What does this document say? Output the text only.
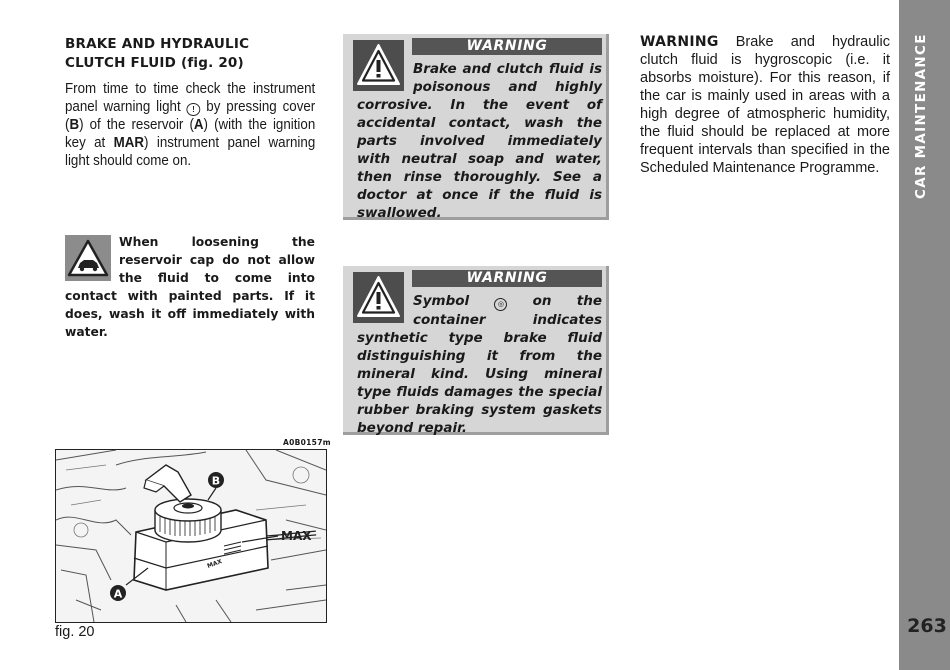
BRAKE AND HYDRAULIC
CLUTCH FLUID (fig. 20)
From time to time check the instrument panel warning light ! by pressing cover (B) of the reservoir (A) (with the ignition key at MAR) instrument panel warning light should come on.
When loosening the reservoir cap do not allow the fluid to come into contact with painted parts. If it does, wash it off immediately with water.
A0B0157m
MAX
B
A
MAX
fig. 20
WARNING
Brake and clutch fluid is poisonous and highly corrosive. In the event of accidental contact, wash the parts involved immediately with neutral soap and water, then rinse thoroughly. See a doctor at once if the fluid is swallowed.
WARNING
Symbol ◎ on the container indicates synthetic type brake fluid distinguishing it from the mineral kind. Using mineral type fluids damages the special rubber braking system gaskets beyond repair.
WARNING Brake and hydraulic clutch fluid is hygroscopic (i.e. it absorbs moisture). For this reason, if the car is mainly used in areas with a high degree of atmospheric humidity, the fluid should be replaced at more frequent intervals than specified in the Scheduled Maintenance Programme.	CAR MAINTENANCE
263
